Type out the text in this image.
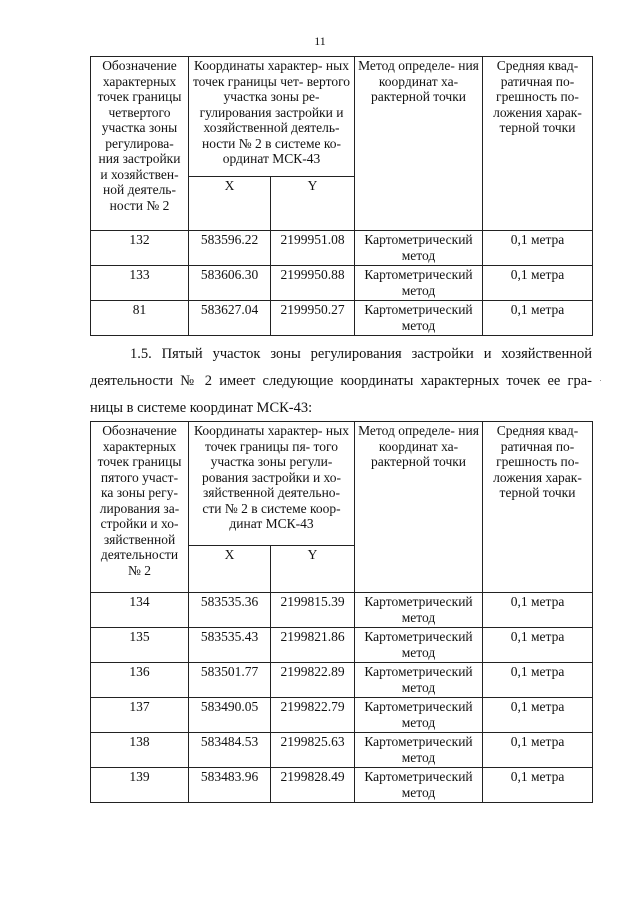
11
Обозначение характерных точек границы четвертого участка зоны регулирова- ния застройки и хозяйствен- ной деятель- ности № 2	Координаты характер- ных точек границы чет- вертого участка зоны ре- гулирования застройки и хозяйственной деятель- ности № 2 в системе ко- ординат МСК-43		Метод определе- ния координат ха- рактерной точки	Средняя квад- ратичная по- грешность по- ложения харак- терной точки
	X	Y		
132	583596.22	2199951.08	Картометрический метод	0,1 метра
133	583606.30	2199950.88	Картометрический метод	0,1 метра
81	583627.04	2199950.27	Картометрический метод	0,1 метра

1.5. Пятый участок зоны регулирования застройки и хозяйственной деятельности № 2 имеет следующие координаты характерных точек ее гра- ницы в системе координат МСК-43:

Обозначение характерных точек границы пятого участ- ка зоны регу- лирования за- стройки и хо- зяйственной деятельности № 2	Координаты характер- ных точек границы пя- того участка зоны регули- рования застройки и хо- зяйственной деятельно- сти № 2 в системе коор- динат МСК-43		Метод определе- ния координат ха- рактерной точки	Средняя квад- ратичная по- грешность по- ложения харак- терной точки
	X	Y		
134	583535.36	2199815.39	Картометрический метод	0,1 метра
135	583535.43	2199821.86	Картометрический метод	0,1 метра
136	583501.77	2199822.89	Картометрический метод	0,1 метра
137	583490.05	2199822.79	Картометрический метод	0,1 метра
138	583484.53	2199825.63	Картометрический метод	0,1 метра
139	583483.96	2199828.49	Картометрический метод	0,1 метра
